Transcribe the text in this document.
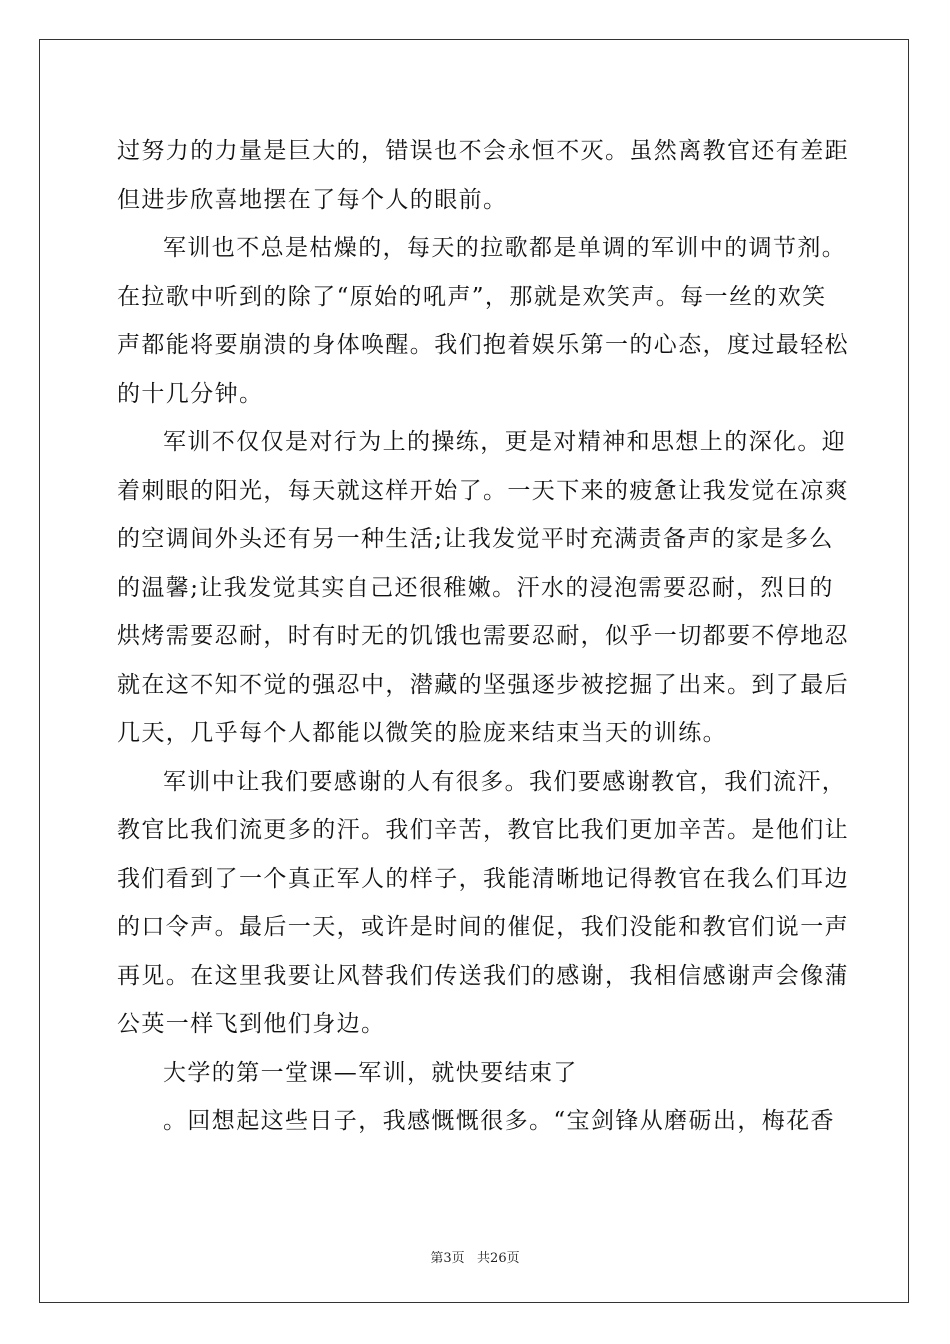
过努力的力量是巨大的，错误也不会永恒不灭。虽然离教官还有差距
但进步欣喜地摆在了每个人的眼前。
军训也不总是枯燥的，每天的拉歌都是单调的军训中的调节剂。
在拉歌中听到的除了“原始的吼声”，那就是欢笑声。每一丝的欢笑
声都能将要崩溃的身体唤醒。我们抱着娱乐第一的心态，度过最轻松
的十几分钟。
军训不仅仅是对行为上的操练，更是对精神和思想上的深化。迎
着刺眼的阳光，每天就这样开始了。一天下来的疲惫让我发觉在凉爽
的空调间外头还有另一种生活;让我发觉平时充满责备声的家是多么
的温馨;让我发觉其实自己还很稚嫩。汗水的浸泡需要忍耐，烈日的
烘烤需要忍耐，时有时无的饥饿也需要忍耐，似乎一切都要不停地忍
就在这不知不觉的强忍中，潜藏的坚强逐步被挖掘了出来。到了最后
几天，几乎每个人都能以微笑的脸庞来结束当天的训练。
军训中让我们要感谢的人有很多。我们要感谢教官，我们流汗，
教官比我们流更多的汗。我们辛苦，教官比我们更加辛苦。是他们让
我们看到了一个真正军人的样子，我能清晰地记得教官在我么们耳边
的口令声。最后一天，或许是时间的催促，我们没能和教官们说一声
再见。在这里我要让风替我们传送我们的感谢，我相信感谢声会像蒲
公英一样飞到他们身边。
大学的第一堂课—军训，就快要结束了
。回想起这些日子，我感慨慨很多。“宝剑锋从磨砺出，梅花香
第3页   共26页
